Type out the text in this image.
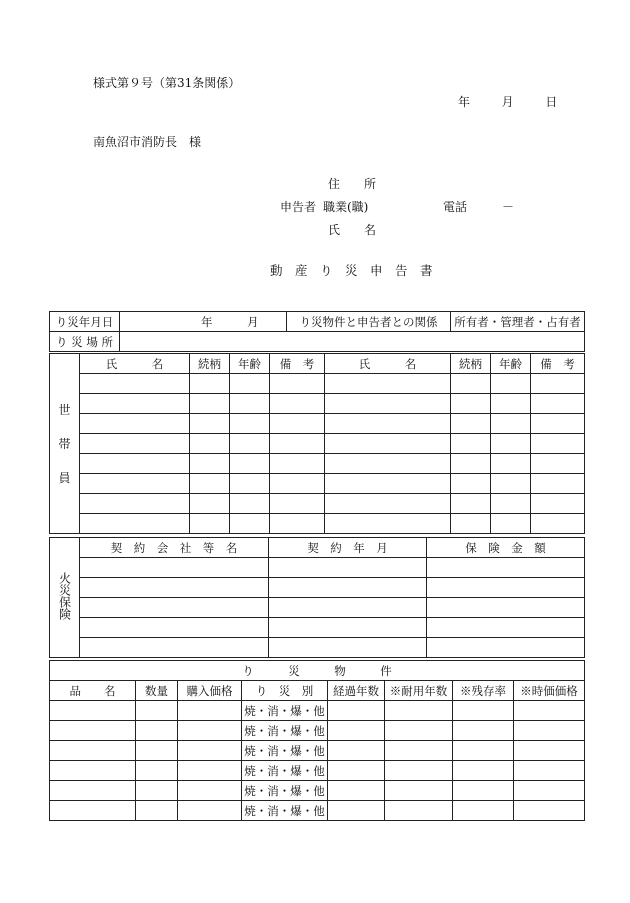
様式第９号（第31条関係）
年	月	日
南魚沼市消防長　様
住　　所
申告者 職業(職)	電話	－
氏　　名
動　産　り　災　申　告　書
り災年月日	年 月	り災物件と申告者との関係	所有者・管理者・占有者
り 災 場 所			
世
帯
員	氏　　　名	続柄	年齢	備　考	氏　　　名	続柄	年齢	備　考

火災保険	契　約　会　社　等　名	契　約　年　月	保　険　金　額

り　　　災　　　物　　　件							
品　　名	数量	購入価格	り　災　別	経過年数	※耐用年数	※残存率	※時価価格
			焼・消・爆・他				
			焼・消・爆・他				
			焼・消・爆・他				
			焼・消・爆・他				
			焼・消・爆・他				
			焼・消・爆・他				
